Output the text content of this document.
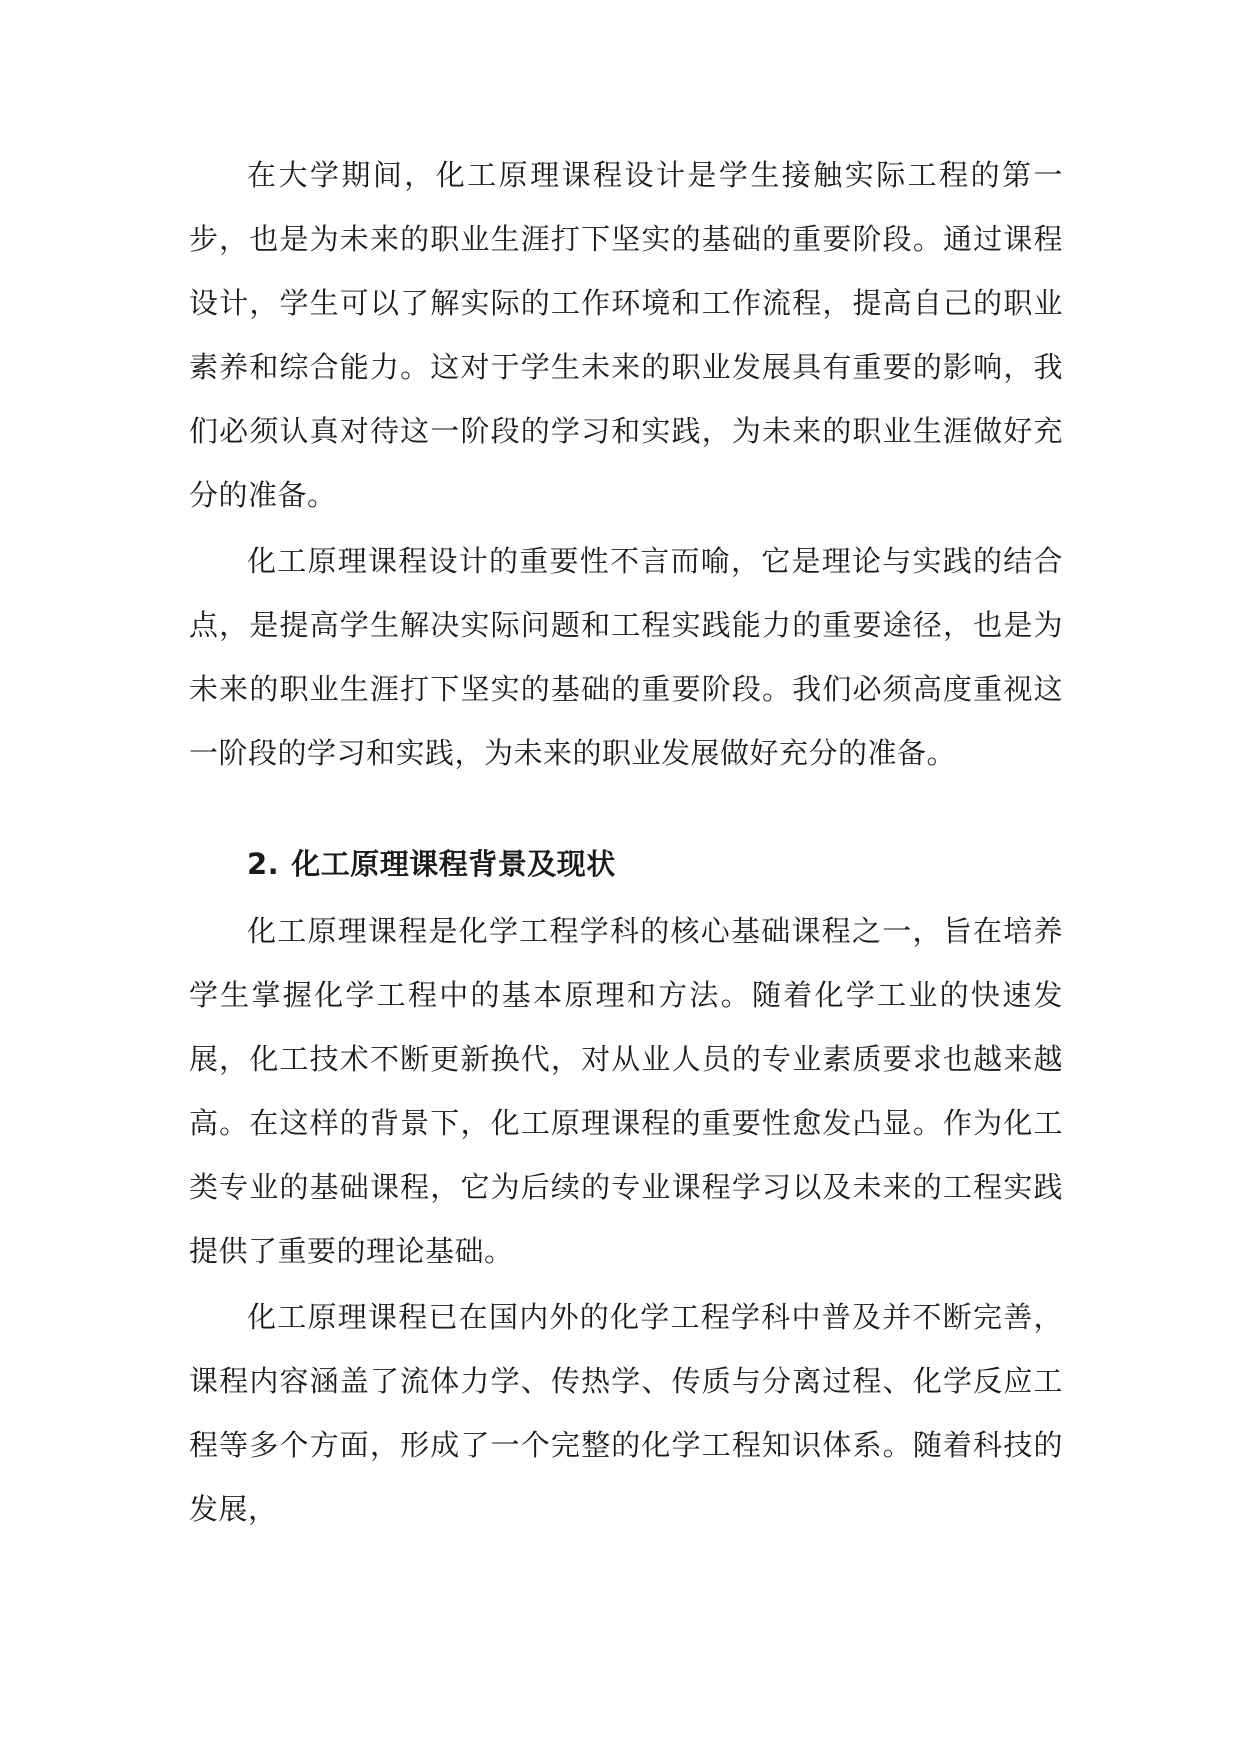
在大学期间，化工原理课程设计是学生接触实际工程的第一步，也是为未来的职业生涯打下坚实的基础的重要阶段。通过课程设计，学生可以了解实际的工作环境和工作流程，提高自己的职业素养和综合能力。这对于学生未来的职业发展具有重要的影响，我们必须认真对待这一阶段的学习和实践，为未来的职业生涯做好充分的准备。

化工原理课程设计的重要性不言而喻，它是理论与实践的结合点，是提高学生解决实际问题和工程实践能力的重要途径，也是为未来的职业生涯打下坚实的基础的重要阶段。我们必须高度重视这一阶段的学习和实践，为未来的职业发展做好充分的准备。

2. 化工原理课程背景及现状

化工原理课程是化学工程学科的核心基础课程之一，旨在培养学生掌握化学工程中的基本原理和方法。随着化学工业的快速发展，化工技术不断更新换代，对从业人员的专业素质要求也越来越高。在这样的背景下，化工原理课程的重要性愈发凸显。作为化工类专业的基础课程，它为后续的专业课程学习以及未来的工程实践提供了重要的理论基础。

化工原理课程已在国内外的化学工程学科中普及并不断完善，课程内容涵盖了流体力学、传热学、传质与分离过程、化学反应工程等多个方面，形成了一个完整的化学工程知识体系。随着科技的发展，
